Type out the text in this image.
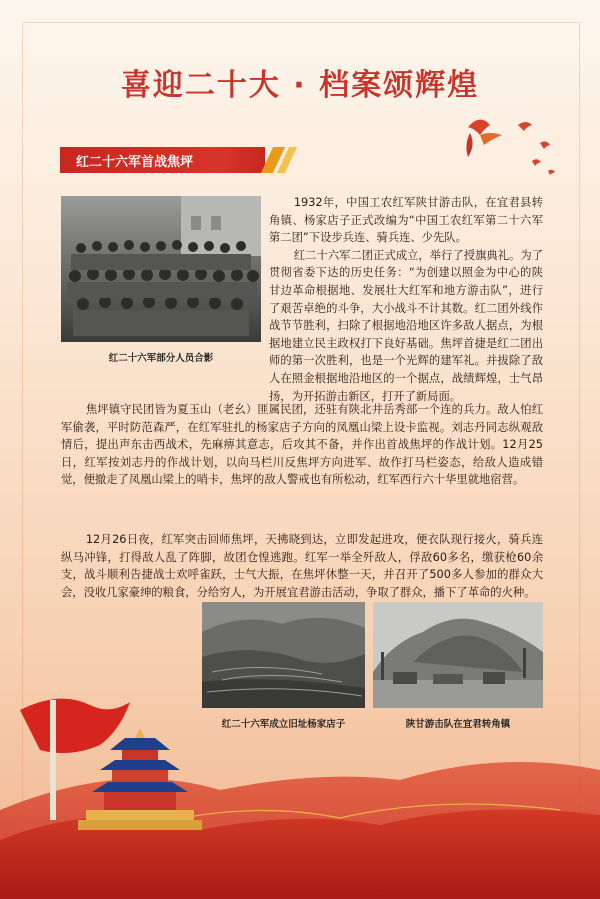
喜迎二十大 · 档案颂辉煌
红二十六军首战焦坪
红二十六军部分人员合影

1932年，中国工农红军陕甘游击队，在宜君县转角镇、杨家店子正式改编为“中国工农红军第二十六军第二团”下设步兵连、骑兵连、少先队。

红二十六军二团正式成立，举行了授旗典礼。为了贯彻省委下达的历史任务：“为创建以照金为中心的陕甘边革命根据地、发展壮大红军和地方游击队”，进行了艰苦卓绝的斗争，大小战斗不计其数。红二团外线作战节节胜利，扫除了根据地沿地区许多敌人据点，为根据地建立民主政权打下良好基础。焦坪首捷是红二团出师的第一次胜利，也是一个光辉的建军礼。并拔除了敌人在照金根据地沿地区的一个据点，战绩辉煌，士气昂扬，为开拓游击新区，打开了新局面。

焦坪镇守民团皆为夏玉山（老幺）匪属民团，还驻有陕北井岳秀部一个连的兵力。敌人怕红军偷袭，平时防范森严，在红军驻扎的杨家店子方向的凤凰山梁上设卡监视。刘志丹同志纵观敌情后，提出声东击西战术，先麻痹其意志，后攻其不备，并作出首战焦坪的作战计划。12月25日，红军按刘志丹的作战计划，以向马栏川反焦坪方向进军、故作打马栏姿态，给敌人造成错觉，便撤走了凤凰山梁上的哨卡，焦坪的敌人警戒也有所松动，红军西行六十华里就地宿营。

12月26日夜，红军突击回师焦坪，天拂晓到达，立即发起进攻，便衣队现行接火，骑兵连纵马冲锋，打得敌人乱了阵脚，故团仓惶逃跑。红军一举全歼敌人，俘敌60多名，缴获枪60余支，战斗顺利告捷战士欢呼雀跃，士气大振，在焦坪休整一天，并召开了500多人参加的群众大会，没收几家豪绅的粮食，分给穷人，为开展宜君游击活动，争取了群众，播下了革命的火种。

红二十六军成立旧址杨家店子	陕甘游击队在宜君转角镇
